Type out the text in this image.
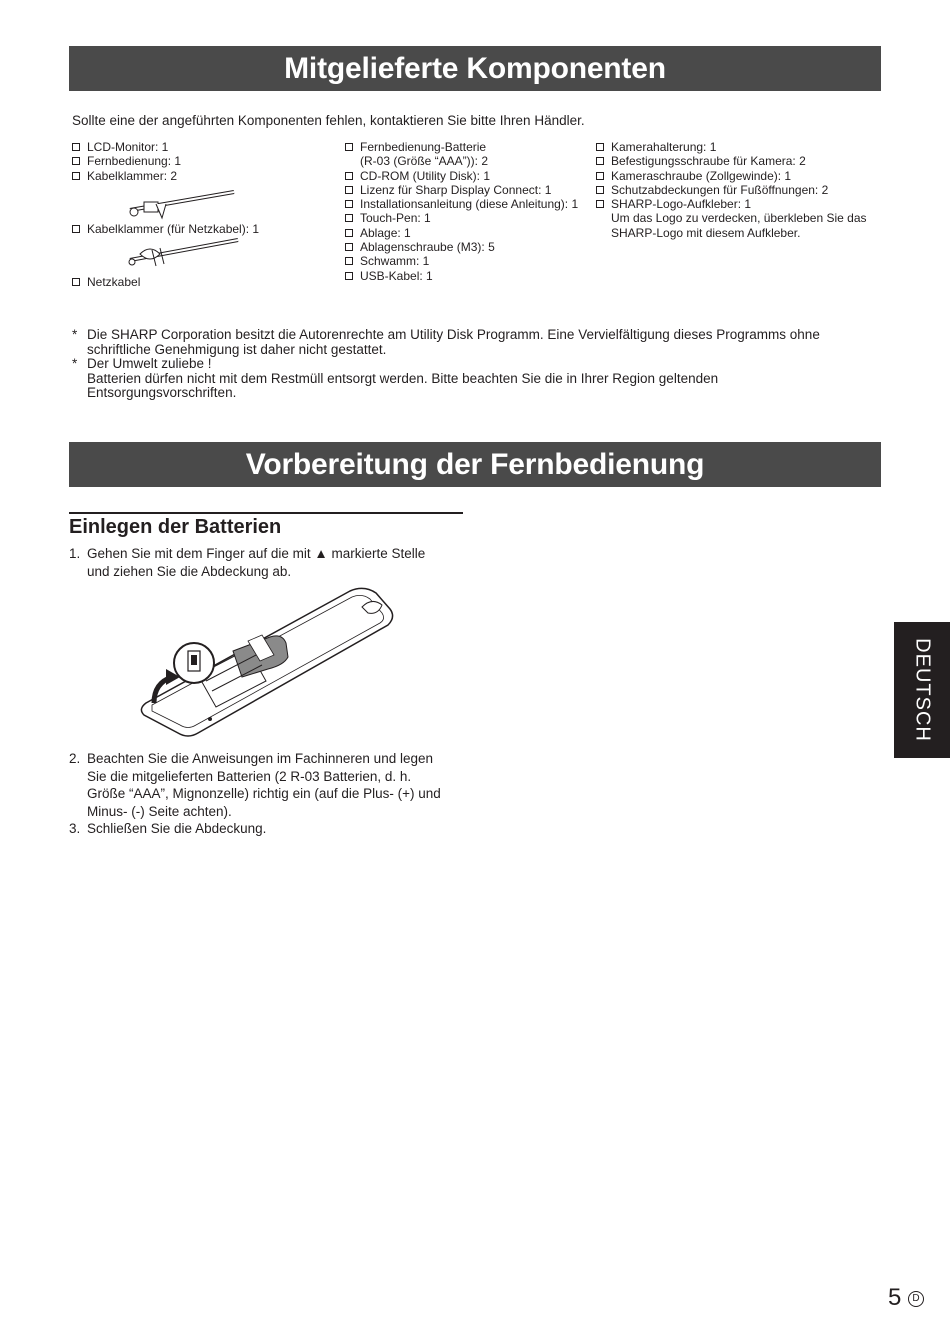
Mitgelieferte Komponenten
Sollte eine der angeführten Komponenten fehlen, kontaktieren Sie bitte Ihren Händler.
LCD-Monitor: 1
Fernbedienung: 1
Kabelklammer: 2
Kabelklammer (für Netzkabel): 1
Netzkabel
Fernbedienung-Batterie
(R-03 (Größe “AAA”)): 2
CD-ROM (Utility Disk): 1
Lizenz für Sharp Display Connect: 1
Installationsanleitung (diese Anleitung): 1
Touch-Pen: 1
Ablage: 1
Ablagenschraube (M3): 5
Schwamm: 1
USB-Kabel: 1
Kamerahalterung: 1
Befestigungsschraube für Kamera: 2
Kameraschraube (Zollgewinde): 1
Schutzabdeckungen für Fußöffnungen: 2
SHARP-Logo-Aufkleber: 1
Um das Logo zu verdecken, überkleben Sie das
SHARP-Logo mit diesem Aufkleber.
* Die SHARP Corporation besitzt die Autorenrechte am Utility Disk Programm. Eine Vervielfältigung dieses Programms ohne
schriftliche Genehmigung ist daher nicht gestattet.
* Der Umwelt zuliebe !
Batterien dürfen nicht mit dem Restmüll entsorgt werden. Bitte beachten Sie die in Ihrer Region geltenden
Entsorgungsvorschriften.
Vorbereitung der Fernbedienung
Einlegen der Batterien
1. Gehen Sie mit dem Finger auf die mit ▲ markierte Stelle
und ziehen Sie die Abdeckung ab.
2. Beachten Sie die Anweisungen im Fachinneren und legen
Sie die mitgelieferten Batterien (2 R-03 Batterien, d. h.
Größe “AAA”, Mignonzelle) richtig ein (auf die Plus- (+) und
Minus- (-) Seite achten).
3. Schließen Sie die Abdeckung.
DEUTSCH
5	D
